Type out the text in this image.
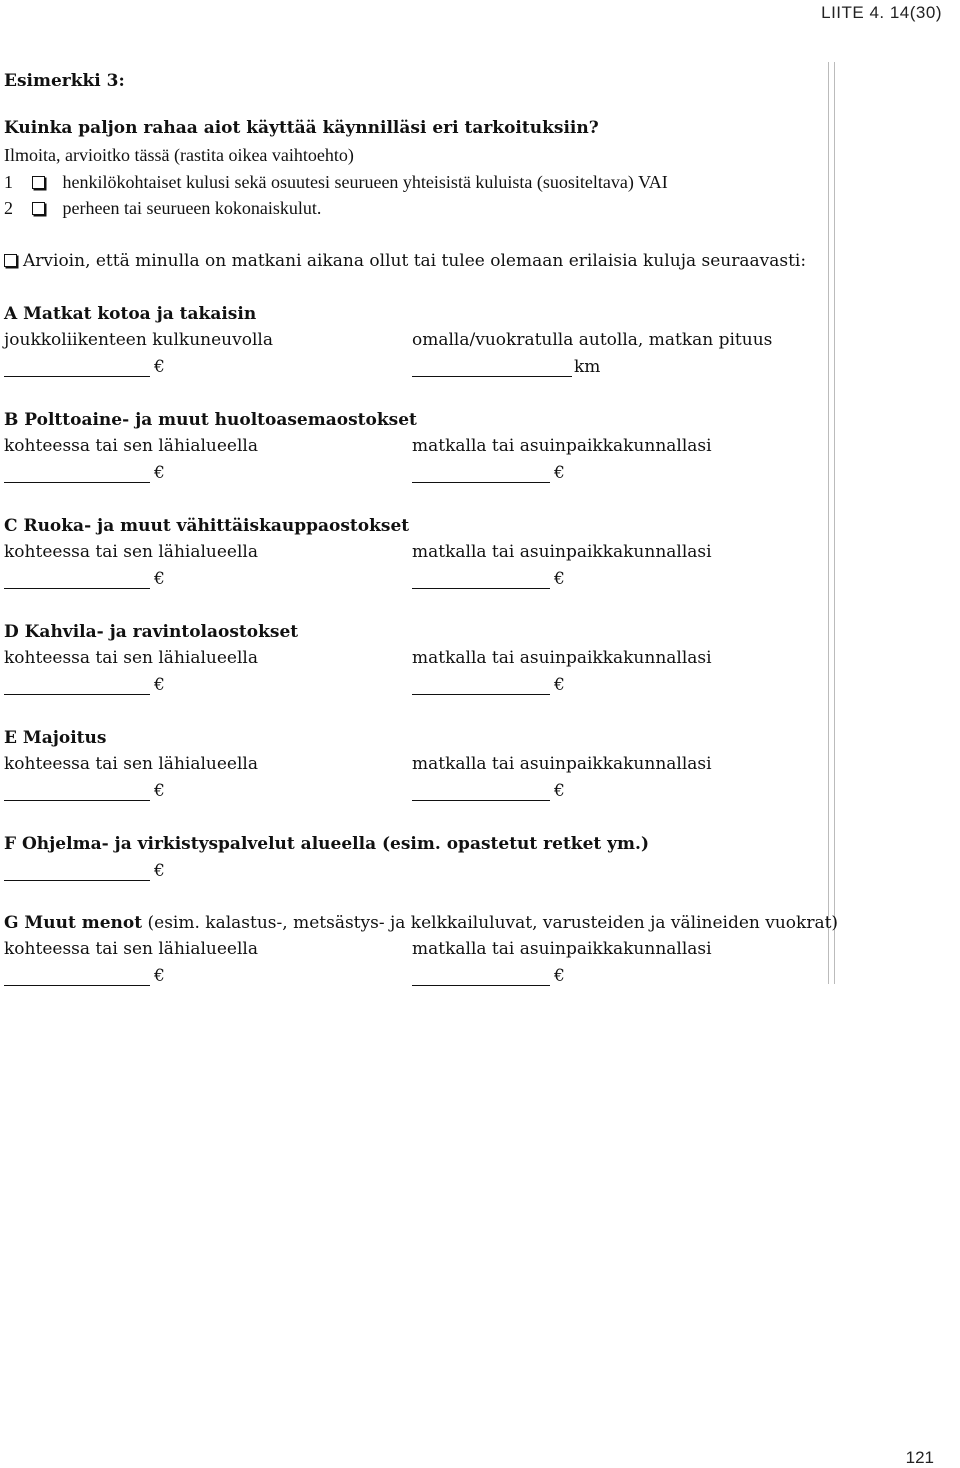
LIITE 4. 14(30)
Esimerkki 3:
Kuinka paljon rahaa aiot käyttää käynnilläsi eri tarkoituksiin?
Ilmoita, arvioitko tässä (rastita oikea vaihtoehto)
1	henkilökohtaiset kulusi sekä osuutesi seurueen yhteisistä kuluista (suositeltava) VAI
2	perheen tai seurueen kokonaiskulut.
Arvioin, että minulla on matkani aikana ollut tai tulee olemaan erilaisia kuluja seuraavasti:
A Matkat kotoa ja takaisin
joukkoliikenteen kulkuneuvolla	omalla/vuokratulla autolla, matkan pituus
€	km
B Polttoaine- ja muut huoltoasemaostokset
kohteessa tai sen lähialueella	matkalla tai asuinpaikkakunnallasi
€	€
C Ruoka- ja muut vähittäiskauppaostokset
kohteessa tai sen lähialueella	matkalla tai asuinpaikkakunnallasi
€	€
D Kahvila- ja ravintolaostokset
kohteessa tai sen lähialueella	matkalla tai asuinpaikkakunnallasi
€	€
E Majoitus
kohteessa tai sen lähialueella	matkalla tai asuinpaikkakunnallasi
€	€
F Ohjelma- ja virkistyspalvelut alueella (esim. opastetut retket ym.)
€
G Muut menot (esim. kalastus-, metsästys- ja kelkkailuluvat, varusteiden ja välineiden vuokrat)
kohteessa tai sen lähialueella	matkalla tai asuinpaikkakunnallasi
€	€
121
